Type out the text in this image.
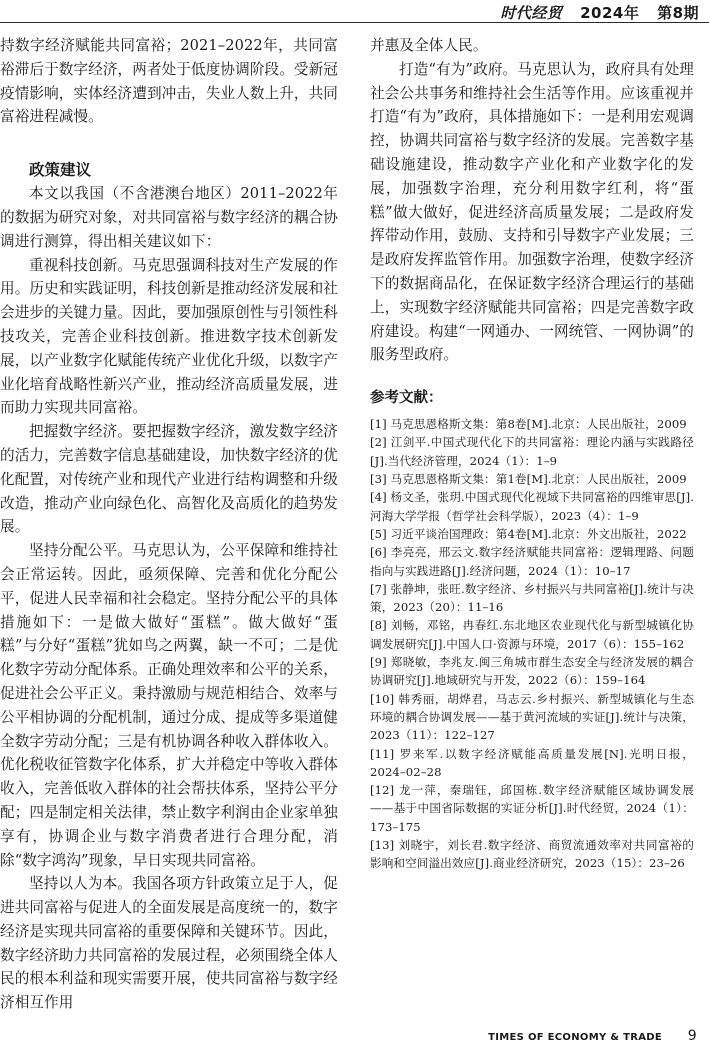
时代经贸 2024年 第8期

持数字经济赋能共同富裕；2021–2022年，共同富裕滞后于数字经济，两者处于低度协调阶段。受新冠疫情影响，实体经济遭到冲击，失业人数上升，共同富裕进程减慢。

政策建议

本文以我国（不含港澳台地区）2011–2022年的数据为研究对象，对共同富裕与数字经济的耦合协调进行测算，得出相关建议如下：

重视科技创新。马克思强调科技对生产发展的作用。历史和实践证明，科技创新是推动经济发展和社会进步的关键力量。因此，要加强原创性与引领性科技攻关，完善企业科技创新。推进数字技术创新发展，以产业数字化赋能传统产业优化升级，以数字产业化培育战略性新兴产业，推动经济高质量发展，进而助力实现共同富裕。

把握数字经济。要把握数字经济，激发数字经济的活力，完善数字信息基础建设，加快数字经济的优化配置，对传统产业和现代产业进行结构调整和升级改造，推动产业向绿色化、高智化及高质化的趋势发展。

坚持分配公平。马克思认为，公平保障和维持社会正常运转。因此，亟须保障、完善和优化分配公平，促进人民幸福和社会稳定。坚持分配公平的具体措施如下：一是做大做好“蛋糕”。做大做好“蛋糕”与分好“蛋糕”犹如鸟之两翼，缺一不可；二是优化数字劳动分配体系。正确处理效率和公平的关系，促进社会公平正义。秉持激励与规范相结合、效率与公平相协调的分配机制，通过分成、提成等多渠道健全数字劳动分配；三是有机协调各种收入群体收入。优化税收征管数字化体系，扩大并稳定中等收入群体收入，完善低收入群体的社会帮扶体系，坚持公平分配；四是制定相关法律，禁止数字利润由企业家单独享有，协调企业与数字消费者进行合理分配，消除“数字鸿沟”现象，早日实现共同富裕。

坚持以人为本。我国各项方针政策立足于人，促进共同富裕与促进人的全面发展是高度统一的，数字经济是实现共同富裕的重要保障和关键环节。因此，数字经济助力共同富裕的发展过程，必须围绕全体人民的根本利益和现实需要开展，使共同富裕与数字经济相互作用

并惠及全体人民。

打造“有为”政府。马克思认为，政府具有处理社会公共事务和维持社会生活等作用。应该重视并打造“有为”政府，具体措施如下：一是利用宏观调控，协调共同富裕与数字经济的发展。完善数字基础设施建设，推动数字产业化和产业数字化的发展，加强数字治理，充分利用数字红利，将“蛋糕”做大做好，促进经济高质量发展；二是政府发挥带动作用，鼓励、支持和引导数字产业发展；三是政府发挥监管作用。加强数字治理，使数字经济下的数据商品化，在保证数字经济合理运行的基础上，实现数字经济赋能共同富裕；四是完善数字政府建设。构建“一网通办、一网统管、一网协调”的服务型政府。

参考文献：
[1] 马克思恩格斯文集：第8卷[M].北京：人民出版社，2009
[2] 江剑平.中国式现代化下的共同富裕：理论内涵与实践路径[J].当代经济管理，2024（1）：1–9
[3] 马克思恩格斯文集：第1卷[M].北京：人民出版社，2009
[4] 杨文圣，张玥.中国式现代化视域下共同富裕的四维审思[J].河海大学学报（哲学社会科学版），2023（4）：1–9
[5] 习近平谈治国理政：第4卷[M].北京：外文出版社，2022
[6] 李亮亮，邢云文.数字经济赋能共同富裕：逻辑理路、问题指向与实践进路[J].经济问题，2024（1）：10–17
[7] 张静坤，张旺.数字经济、乡村振兴与共同富裕[J].统计与决策，2023（20）：11–16
[8] 刘畅，邓铭，冉春红.东北地区农业现代化与新型城镇化协调发展研究[J].中国人口·资源与环境，2017（6）：155–162
[9] 郑晓敏，李兆友.闽三角城市群生态安全与经济发展的耦合协调研究[J].地域研究与开发，2022（6）：159–164
[10] 韩秀丽，胡烨君，马志云.乡村振兴、新型城镇化与生态环境的耦合协调发展——基于黄河流域的实证[J].统计与决策，2023（11）：122–127
[11] 罗来军.以数字经济赋能高质量发展[N].光明日报，2024–02–28
[12] 龙一萍，秦瑞钰，邱国栋.数字经济赋能区域协调发展——基于中国省际数据的实证分析[J].时代经贸，2024（1）：173–175
[13] 刘晓宇，刘长君.数字经济、商贸流通效率对共同富裕的影响和空间溢出效应[J].商业经济研究，2023（15）：23–26
TIMES OF ECONOMY & TRADE 9
